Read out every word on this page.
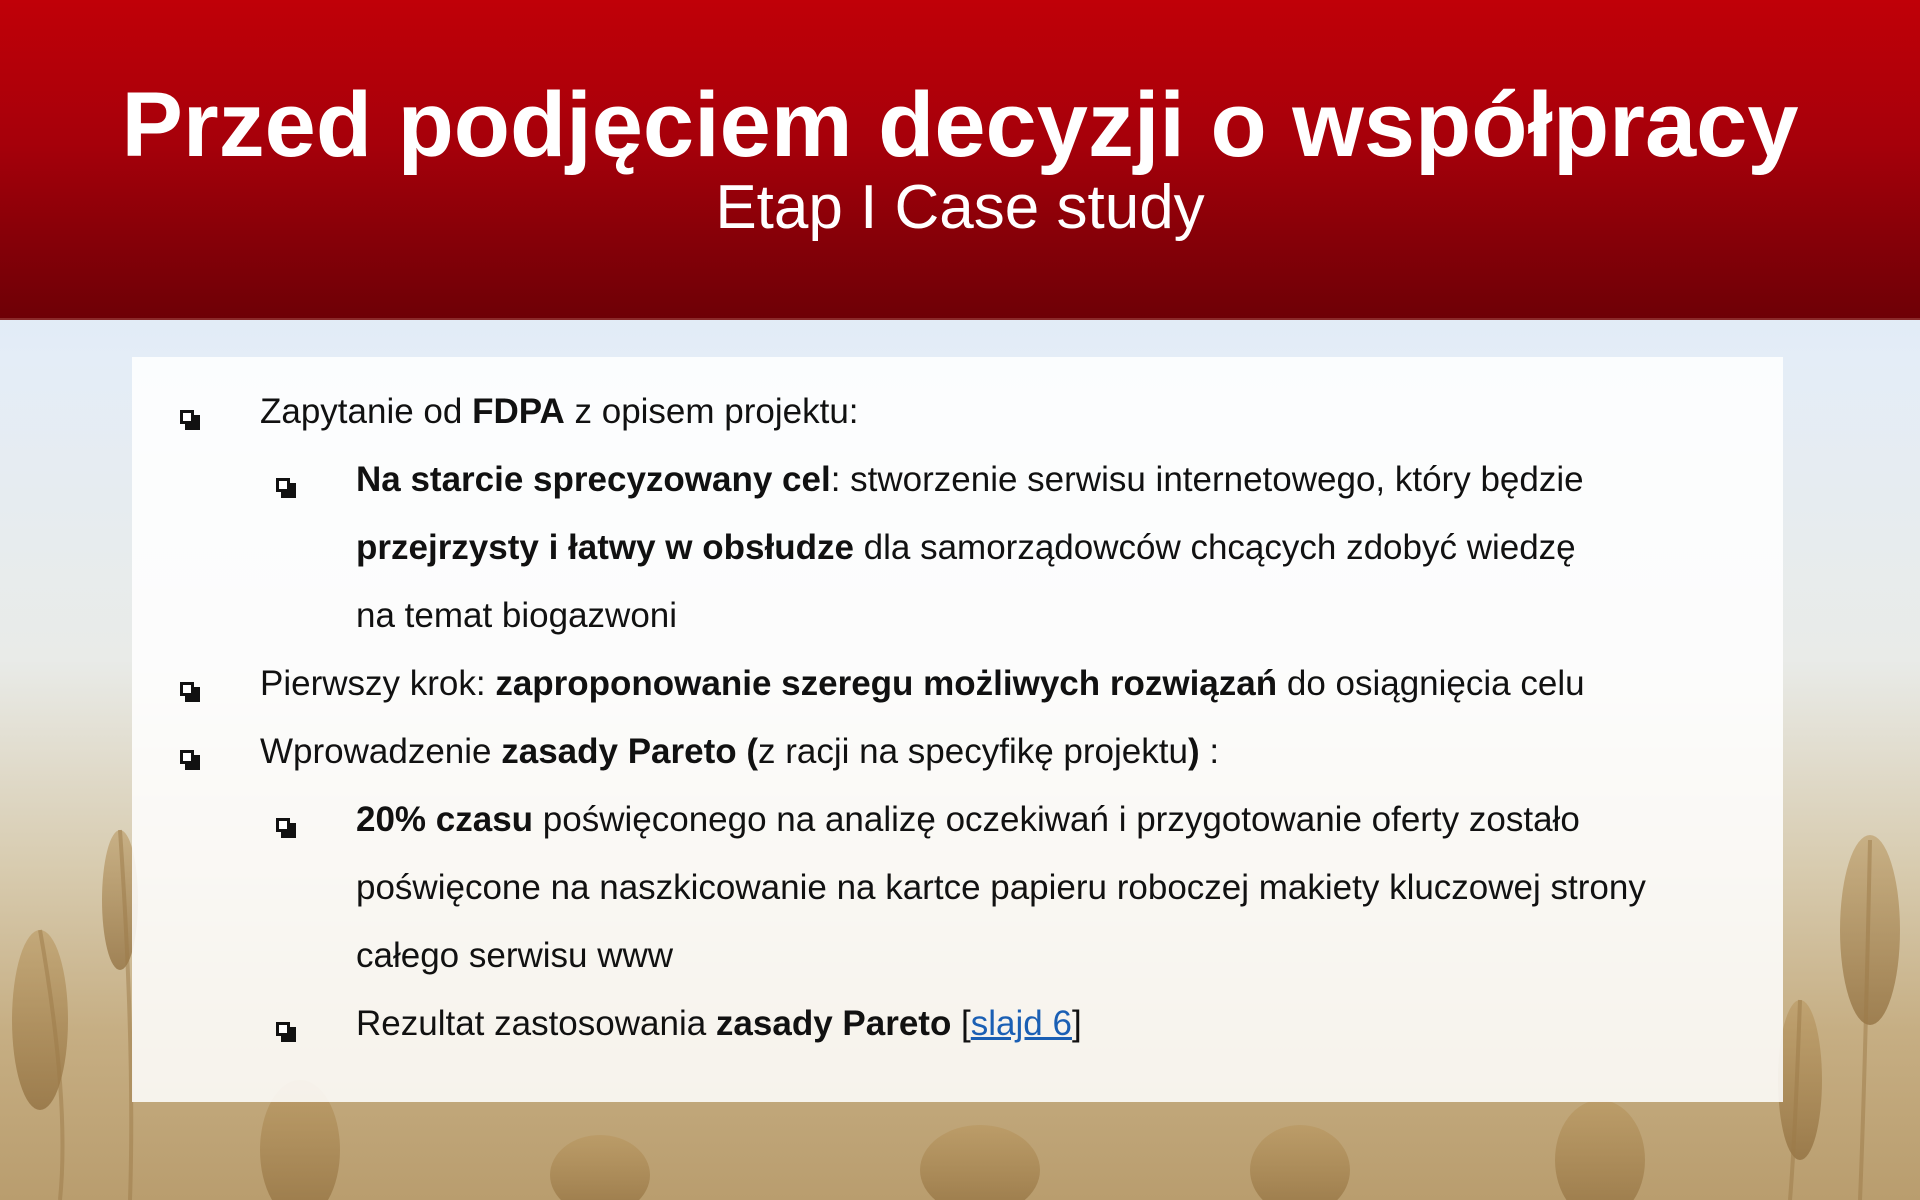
Przed podjęciem decyzji o współpracy
Etap I Case study
Zapytanie od FDPA z opisem projektu:
Na starcie sprecyzowany cel: stworzenie serwisu internetowego, który będzie
przejrzysty i łatwy w obsłudze dla samorządowców chcących zdobyć wiedzę
na temat biogazwoni
Pierwszy krok: zaproponowanie szeregu możliwych rozwiązań do osiągnięcia celu
Wprowadzenie zasady Pareto (z racji na specyfikę projektu) :
20% czasu poświęconego na analizę oczekiwań i przygotowanie oferty zostało
poświęcone na naszkicowanie na kartce papieru roboczej makiety kluczowej strony
całego serwisu www
Rezultat zastosowania zasady Pareto [slajd 6]
